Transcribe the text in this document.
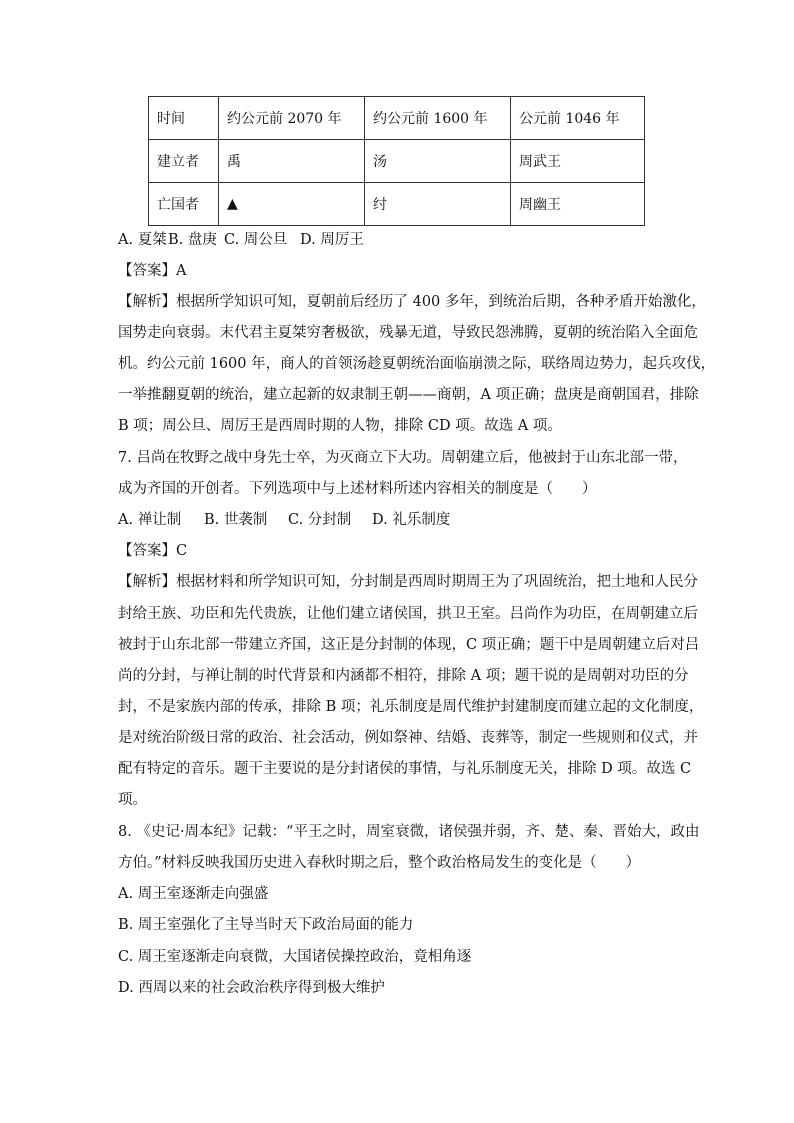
时间	约公元前 2070 年	约公元前 1600 年	公元前 1046 年
建立者	禹	汤	周武王
亡国者	▲	纣	周幽王
A. 夏桀B. 盘庚 C. 周公旦 D. 周厉王
【答案】A
【解析】根据所学知识可知，夏朝前后经历了 400 多年，到统治后期，各种矛盾开始激化，
国势走向衰弱。末代君主夏桀穷奢极欲，残暴无道，导致民怨沸腾，夏朝的统治陷入全面危
机。约公元前 1600 年，商人的首领汤趁夏朝统治面临崩溃之际，联络周边势力，起兵攻伐，
一举推翻夏朝的统治，建立起新的奴隶制王朝——商朝，A 项正确；盘庚是商朝国君，排除
B 项；周公旦、周厉王是西周时期的人物，排除 CD 项。故选 A 项。
7. 吕尚在牧野之战中身先士卒，为灭商立下大功。周朝建立后，他被封于山东北部一带，
成为齐国的开创者。下列选项中与上述材料所述内容相关的制度是（　　）
A. 禅让制 B. 世袭制 C. 分封制 D. 礼乐制度
【答案】C
【解析】根据材料和所学知识可知，分封制是西周时期周王为了巩固统治，把土地和人民分
封给王族、功臣和先代贵族，让他们建立诸侯国，拱卫王室。吕尚作为功臣，在周朝建立后
被封于山东北部一带建立齐国，这正是分封制的体现，C 项正确；题干中是周朝建立后对吕
尚的分封，与禅让制的时代背景和内涵都不相符，排除 A 项；题干说的是周朝对功臣的分
封，不是家族内部的传承，排除 B 项；礼乐制度是周代维护封建制度而建立起的文化制度，
是对统治阶级日常的政治、社会活动，例如祭神、结婚、丧葬等，制定一些规则和仪式，并
配有特定的音乐。题干主要说的是分封诸侯的事情，与礼乐制度无关，排除 D 项。故选 C
项。
8. 《史记·周本纪》记载：“平王之时，周室衰微，诸侯强并弱，齐、楚、秦、晋始大，政由
方伯。”材料反映我国历史进入春秋时期之后，整个政治格局发生的变化是（　　）
A. 周王室逐渐走向强盛
B. 周王室强化了主导当时天下政治局面的能力
C. 周王室逐渐走向衰微，大国诸侯操控政治，竟相角逐
D. 西周以来的社会政治秩序得到极大维护
